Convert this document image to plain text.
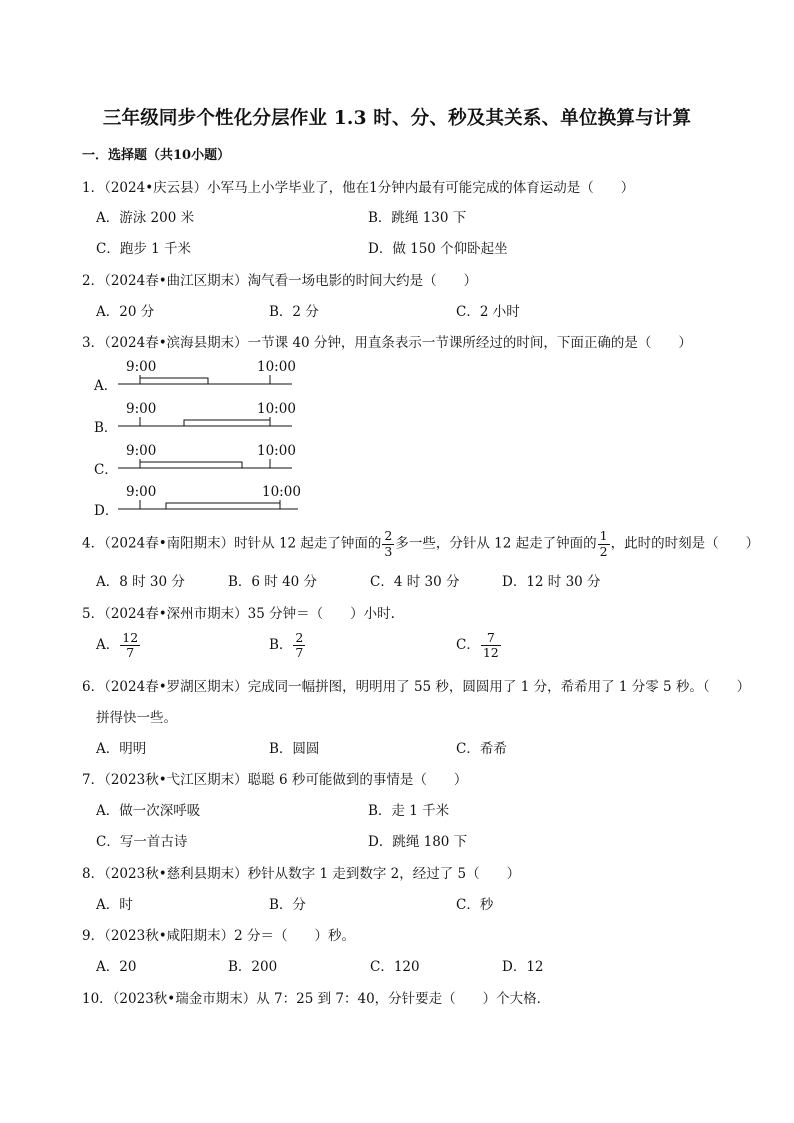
三年级同步个性化分层作业 1.3 时、分、秒及其关系、单位换算与计算
一．选择题（共10小题）
1．（2024•庆云县）小军马上小学毕业了，他在1分钟内最有可能完成的体育运动是（　　）
A．游泳 200 米	B．跳绳 130 下
C．跑步 1 千米	D．做 150 个仰卧起坐
2．（2024春•曲江区期末）淘气看一场电影的时间大约是（　　）
A．20 分	B．2 分	C．2 小时
3．（2024春•滨海县期末）一节课 40 分钟，用直条表示一节课所经过的时间，下面正确的是（　　）
A．
B．
C．
D．
9:00	10:00
9:00	10:00
9:00	10:00
9:00	10:00
4．（2024春•南阳期末）时针从 12 起走了钟面的 $\frac{2}{3}$ 多一些，分针从 12 起走了钟面的 $\frac{1}{2}$ ，此时的时刻是（　　）
A．8 时 30 分	B．6 时 40 分	C．4 时 30 分	D．12 时 30 分
5．（2024春•深州市期末）35 分钟＝（　　）小时.
A． $\frac{12}{7}$	B． $\frac{2}{7}$	C． $\frac{7}{12}$
6．（2024春•罗湖区期末）完成同一幅拼图，明明用了 55 秒，圆圆用了 1 分，希希用了 1 分零 5 秒。（　　）
拼得快一些。
A．明明	B．圆圆	C．希希
7．（2023秋•弋江区期末）聪聪 6 秒可能做到的事情是（　　）
A．做一次深呼吸	B．走 1 千米
C．写一首古诗	D．跳绳 180 下
8．（2023秋•慈利县期末）秒针从数字 1 走到数字 2，经过了 5（　　）
A．时	B．分	C．秒
9．（2023秋•咸阳期末）2 分＝（　　）秒。
A．20	B．200	C．120	D．12
10．（2023秋•瑞金市期末）从 7：25 到 7：40，分针要走（　　）个大格．
